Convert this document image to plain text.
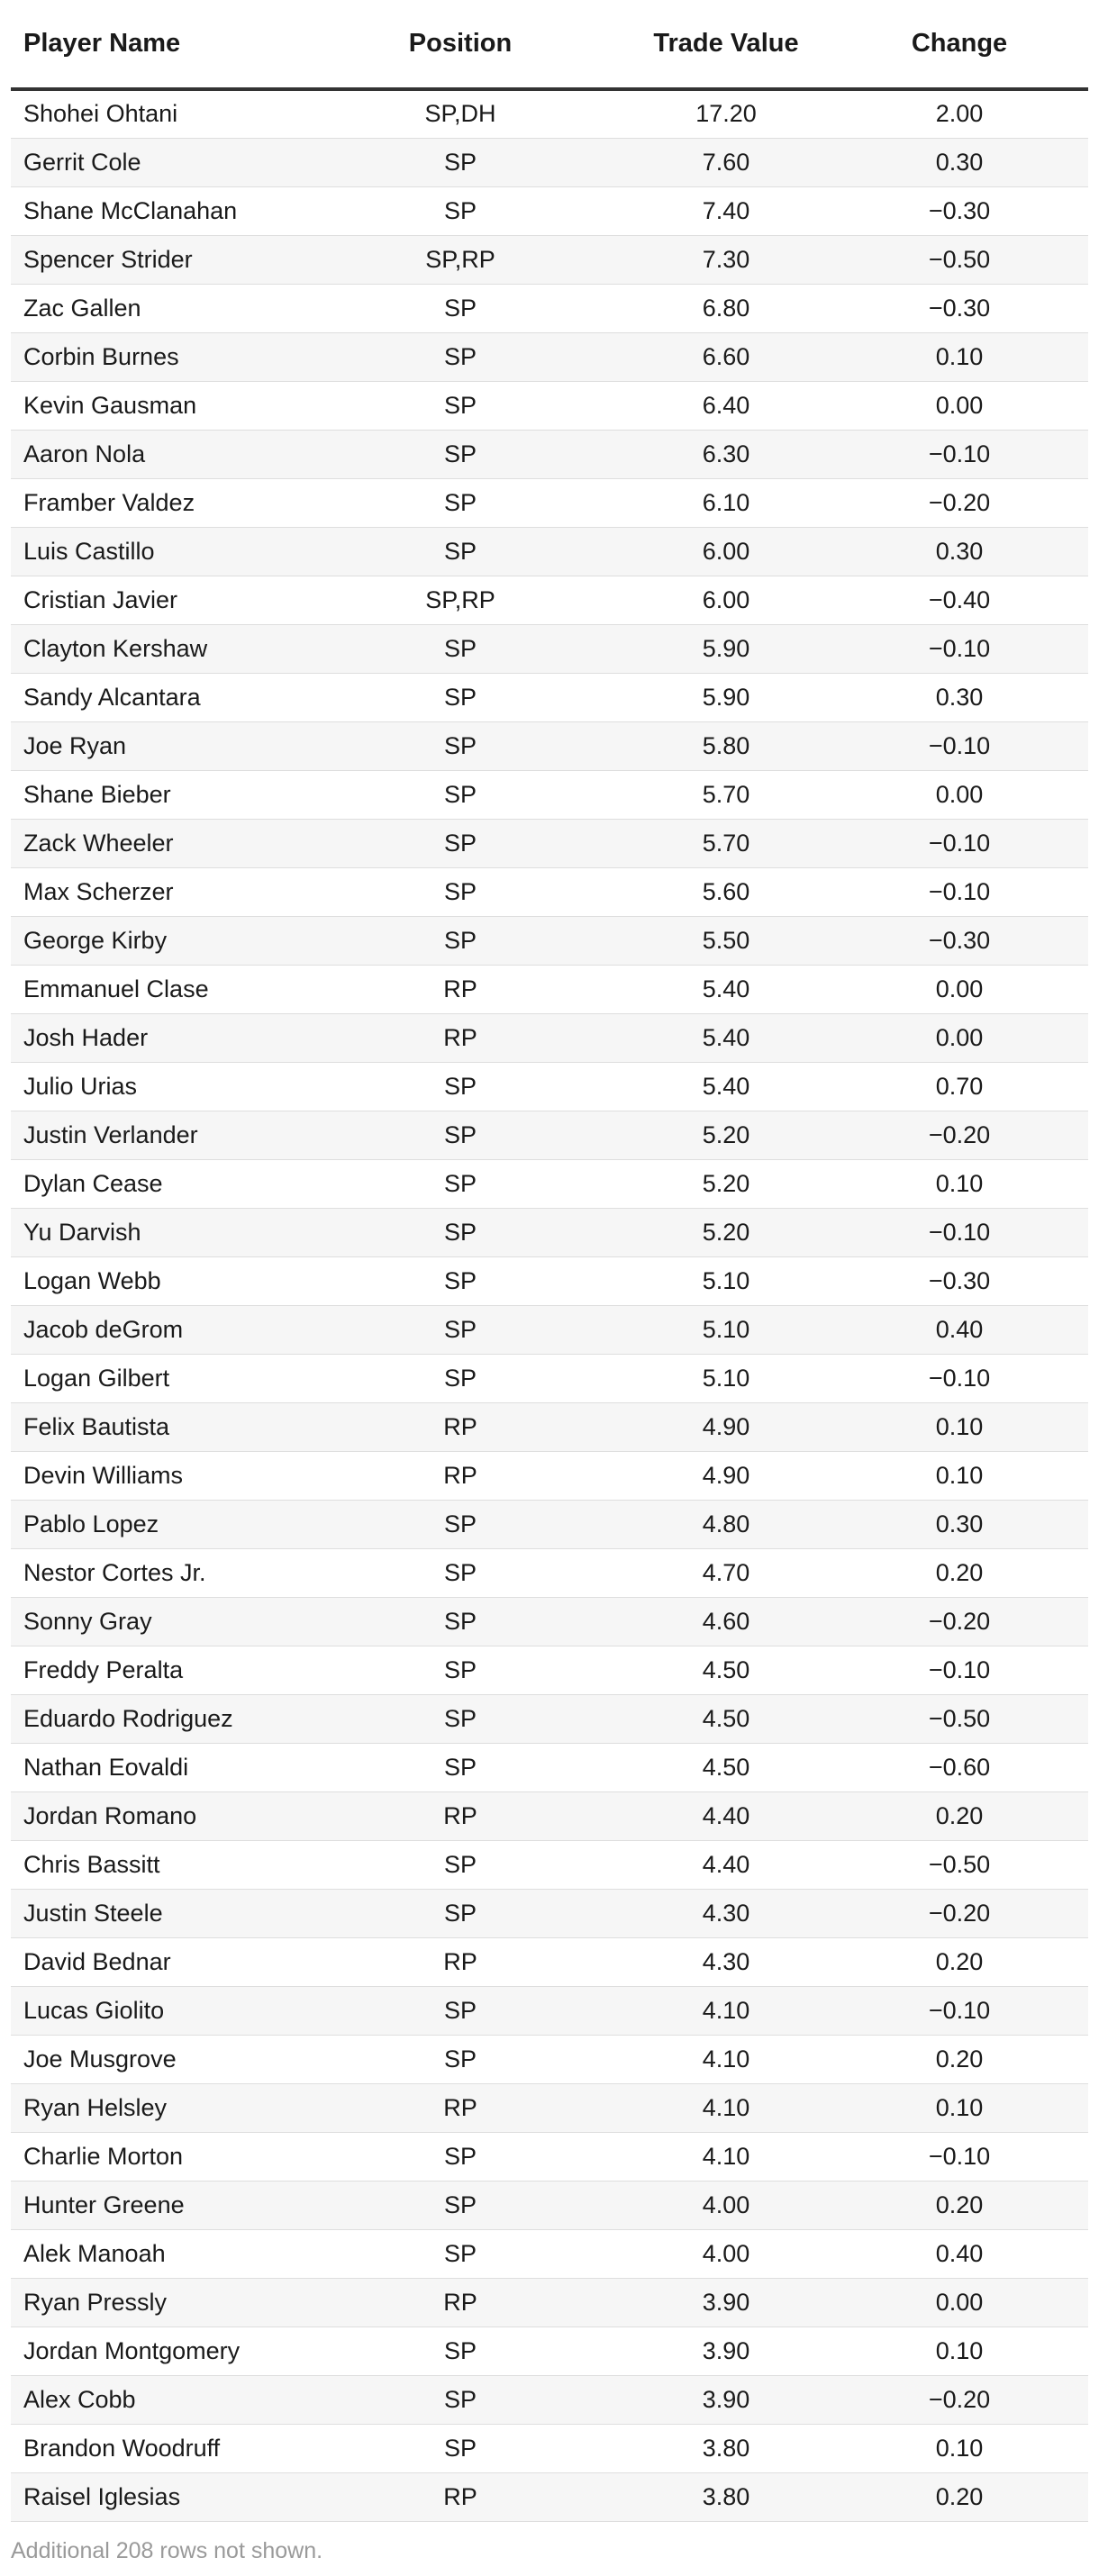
Player Name	Position	Trade Value	Change
Shohei Ohtani	SP,DH	17.20	2.00
Gerrit Cole	SP	7.60	0.30
Shane McClanahan	SP	7.40	−0.30
Spencer Strider	SP,RP	7.30	−0.50
Zac Gallen	SP	6.80	−0.30
Corbin Burnes	SP	6.60	0.10
Kevin Gausman	SP	6.40	0.00
Aaron Nola	SP	6.30	−0.10
Framber Valdez	SP	6.10	−0.20
Luis Castillo	SP	6.00	0.30
Cristian Javier	SP,RP	6.00	−0.40
Clayton Kershaw	SP	5.90	−0.10
Sandy Alcantara	SP	5.90	0.30
Joe Ryan	SP	5.80	−0.10
Shane Bieber	SP	5.70	0.00
Zack Wheeler	SP	5.70	−0.10
Max Scherzer	SP	5.60	−0.10
George Kirby	SP	5.50	−0.30
Emmanuel Clase	RP	5.40	0.00
Josh Hader	RP	5.40	0.00
Julio Urias	SP	5.40	0.70
Justin Verlander	SP	5.20	−0.20
Dylan Cease	SP	5.20	0.10
Yu Darvish	SP	5.20	−0.10
Logan Webb	SP	5.10	−0.30
Jacob deGrom	SP	5.10	0.40
Logan Gilbert	SP	5.10	−0.10
Felix Bautista	RP	4.90	0.10
Devin Williams	RP	4.90	0.10
Pablo Lopez	SP	4.80	0.30
Nestor Cortes Jr.	SP	4.70	0.20
Sonny Gray	SP	4.60	−0.20
Freddy Peralta	SP	4.50	−0.10
Eduardo Rodriguez	SP	4.50	−0.50
Nathan Eovaldi	SP	4.50	−0.60
Jordan Romano	RP	4.40	0.20
Chris Bassitt	SP	4.40	−0.50
Justin Steele	SP	4.30	−0.20
David Bednar	RP	4.30	0.20
Lucas Giolito	SP	4.10	−0.10
Joe Musgrove	SP	4.10	0.20
Ryan Helsley	RP	4.10	0.10
Charlie Morton	SP	4.10	−0.10
Hunter Greene	SP	4.00	0.20
Alek Manoah	SP	4.00	0.40
Ryan Pressly	RP	3.90	0.00
Jordan Montgomery	SP	3.90	0.10
Alex Cobb	SP	3.90	−0.20
Brandon Woodruff	SP	3.80	0.10
Raisel Iglesias	RP	3.80	0.20
Additional 208 rows not shown.
